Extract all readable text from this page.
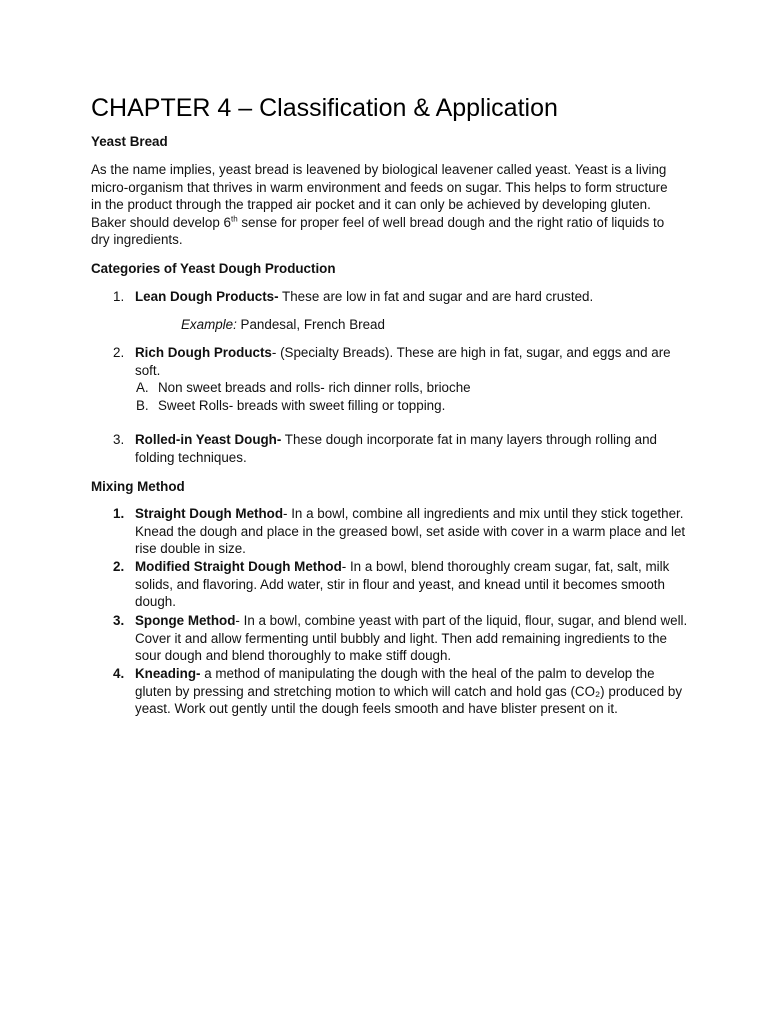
CHAPTER 4 – Classification & Application
Yeast Bread

As the name implies, yeast bread is leavened by biological leavener called yeast. Yeast is a living micro-organism that thrives in warm environment and feeds on sugar. This helps to form structure in the product through the trapped air pocket and it can only be achieved by developing gluten. Baker should develop 6th sense for proper feel of well bread dough and the right ratio of liquids to dry ingredients.

Categories of Yeast Dough Production
1. Lean Dough Products- These are low in fat and sugar and are hard crusted.
Example: Pandesal, French Bread
2. Rich Dough Products- (Specialty Breads). These are high in fat, sugar, and eggs and are soft.
A. Non sweet breads and rolls- rich dinner rolls, brioche
B. Sweet Rolls- breads with sweet filling or topping.
3. Rolled-in Yeast Dough- These dough incorporate fat in many layers through rolling and folding techniques.
Mixing Method
1. Straight Dough Method- In a bowl, combine all ingredients and mix until they stick together. Knead the dough and place in the greased bowl, set aside with cover in a warm place and let rise double in size.
2. Modified Straight Dough Method- In a bowl, blend thoroughly cream sugar, fat, salt, milk solids, and flavoring. Add water, stir in flour and yeast, and knead until it becomes smooth dough.
3. Sponge Method- In a bowl, combine yeast with part of the liquid, flour, sugar, and blend well. Cover it and allow fermenting until bubbly and light. Then add remaining ingredients to the sour dough and blend thoroughly to make stiff dough.
4. Kneading- a method of manipulating the dough with the heal of the palm to develop the gluten by pressing and stretching motion to which will catch and hold gas (CO₂) produced by yeast. Work out gently until the dough feels smooth and have blister present on it.
